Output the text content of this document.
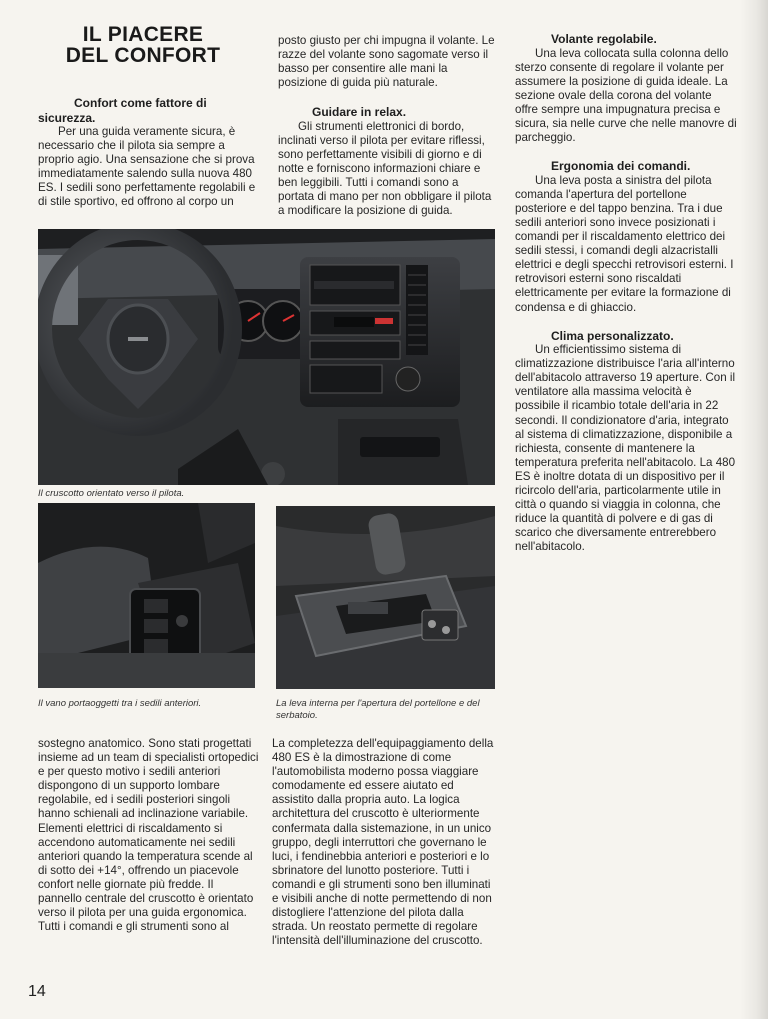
IL PIACERE
DEL CONFORT
Confort come fattore di sicurezza.

Per una guida veramente sicura, è necessario che il pilota sia sempre a proprio agio. Una sensazione che si prova immediatamente salendo sulla nuova 480 ES. I sedili sono perfettamente regolabili e di stile sportivo, ed offrono al corpo un

posto giusto per chi impugna il volante. Le razze del volante sono sagomate verso il basso per consentire alle mani la posizione di guida più naturale.

Guidare in relax.

Gli strumenti elettronici di bordo, inclinati verso il pilota per evitare riflessi, sono perfettamente visibili di giorno e di notte e forniscono informazioni chiare e ben leggibili. Tutti i comandi sono a portata di mano per non obbligare il pilota a modificare la posizione di guida.

Volante regolabile.

Una leva collocata sulla colonna dello sterzo consente di regolare il volante per assumere la posizione di guida ideale. La sezione ovale della corona del volante offre sempre una impugnatura precisa e sicura, sia nelle curve che nelle manovre di parcheggio.

Ergonomia dei comandi.

Una leva posta a sinistra del pilota comanda l'apertura del portellone posteriore e del tappo benzina. Tra i due sedili anteriori sono invece posizionati i comandi per il riscaldamento elettrico dei sedili stessi, i comandi degli alzacristalli elettrici e degli specchi retrovisori esterni. I retrovisori esterni sono riscaldati elettricamente per evitare la formazione di condensa e di ghiaccio.

Clima personalizzato.

Un efficientissimo sistema di climatizzazione distribuisce l'aria all'interno dell'abitacolo attraverso 19 aperture. Con il ventilatore alla massima velocità è possibile il ricambio totale dell'aria in 22 secondi. Il condizionatore d'aria, integrato al sistema di climatizzazione, disponibile a richiesta, consente di mantenere la temperatura preferita nell'abitacolo. La 480 ES è inoltre dotata di un dispositivo per il ricircolo dell'aria, particolarmente utile in città o quando si viaggia in colonna, che riduce la quantità di polvere e di gas di scarico che diversamente entrerebbero nell'abitacolo.

Il cruscotto orientato verso il pilota.
Il vano portaoggetti tra i sedili anteriori.	La leva interna per l'apertura del portellone e del serbatoio.

sostegno anatomico. Sono stati progettati insieme ad un team di specialisti ortopedici e per questo motivo i sedili anteriori dispongono di un supporto lombare regolabile, ed i sedili posteriori singoli hanno schienali ad inclinazione variabile. Elementi elettrici di riscaldamento si accendono automaticamente nei sedili anteriori quando la temperatura scende al di sotto dei +14°, offrendo un piacevole confort nelle giornate più fredde. Il pannello centrale del cruscotto è orientato verso il pilota per una guida ergonomica. Tutti i comandi e gli strumenti sono al

La completezza dell'equipaggiamento della 480 ES è la dimostrazione di come l'automobilista moderno possa viaggiare comodamente ed essere aiutato ed assistito dalla propria auto. La logica architettura del cruscotto è ulteriormente confermata dalla sistemazione, in un unico gruppo, degli interruttori che governano le luci, i fendinebbia anteriori e posteriori e lo sbrinatore del lunotto posteriore. Tutti i comandi e gli strumenti sono ben illuminati e visibili anche di notte permettendo di non distogliere l'attenzione del pilota dalla strada. Un reostato permette di regolare l'intensità dell'illuminazione del cruscotto.

14
